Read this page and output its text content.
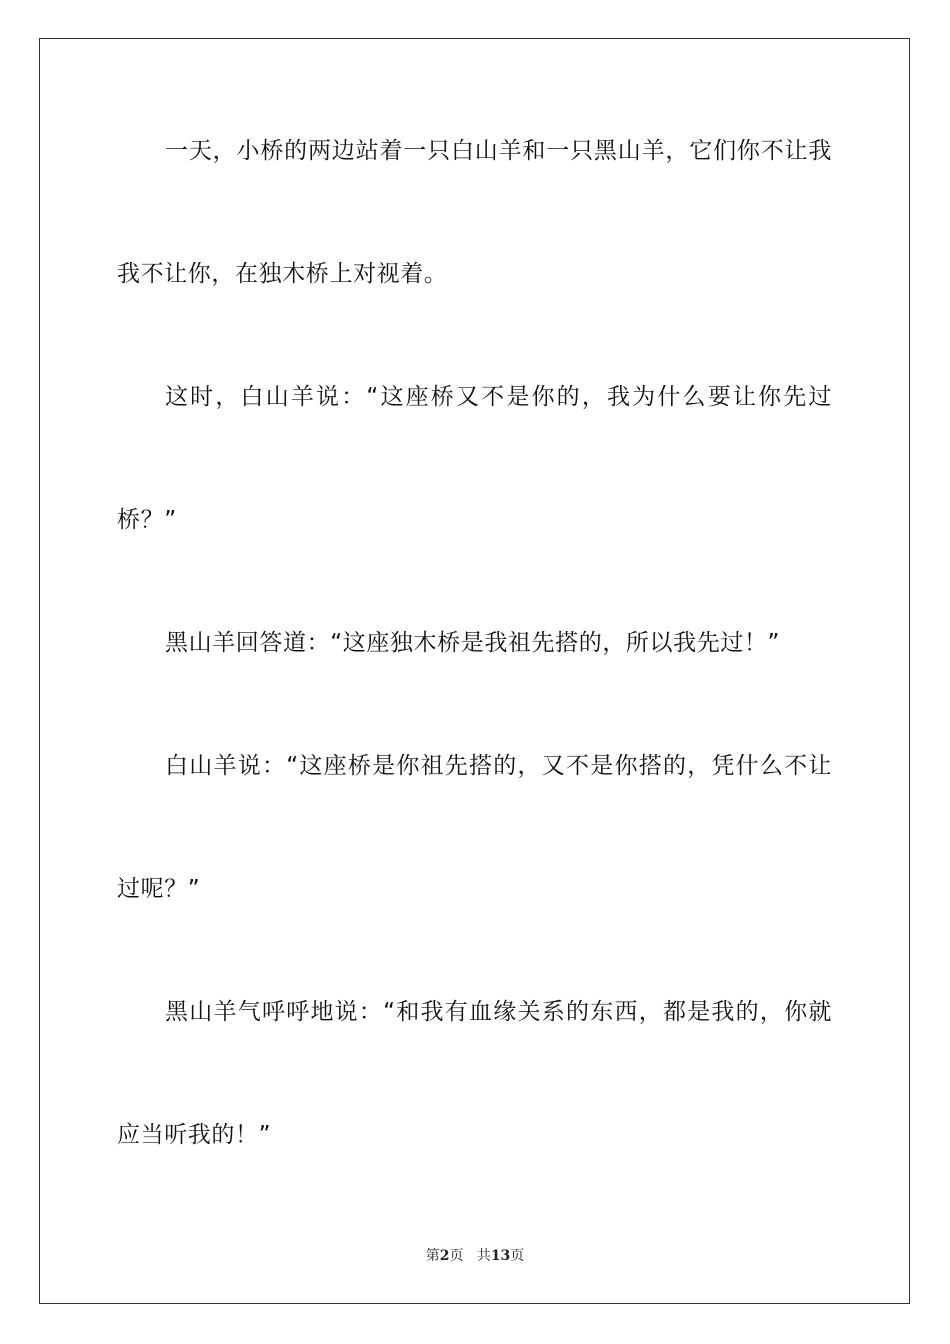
一天，小桥的两边站着一只白山羊和一只黑山羊，它们你不让我
我不让你，在独木桥上对视着。
这时，白山羊说：“这座桥又不是你的，我为什么要让你先过
桥？”
黑山羊回答道：“这座独木桥是我祖先搭的，所以我先过！”
白山羊说：“这座桥是你祖先搭的，又不是你搭的，凭什么不让
过呢？”
黑山羊气呼呼地说：“和我有血缘关系的东西，都是我的，你就
应当听我的！”
第2页 共13页
